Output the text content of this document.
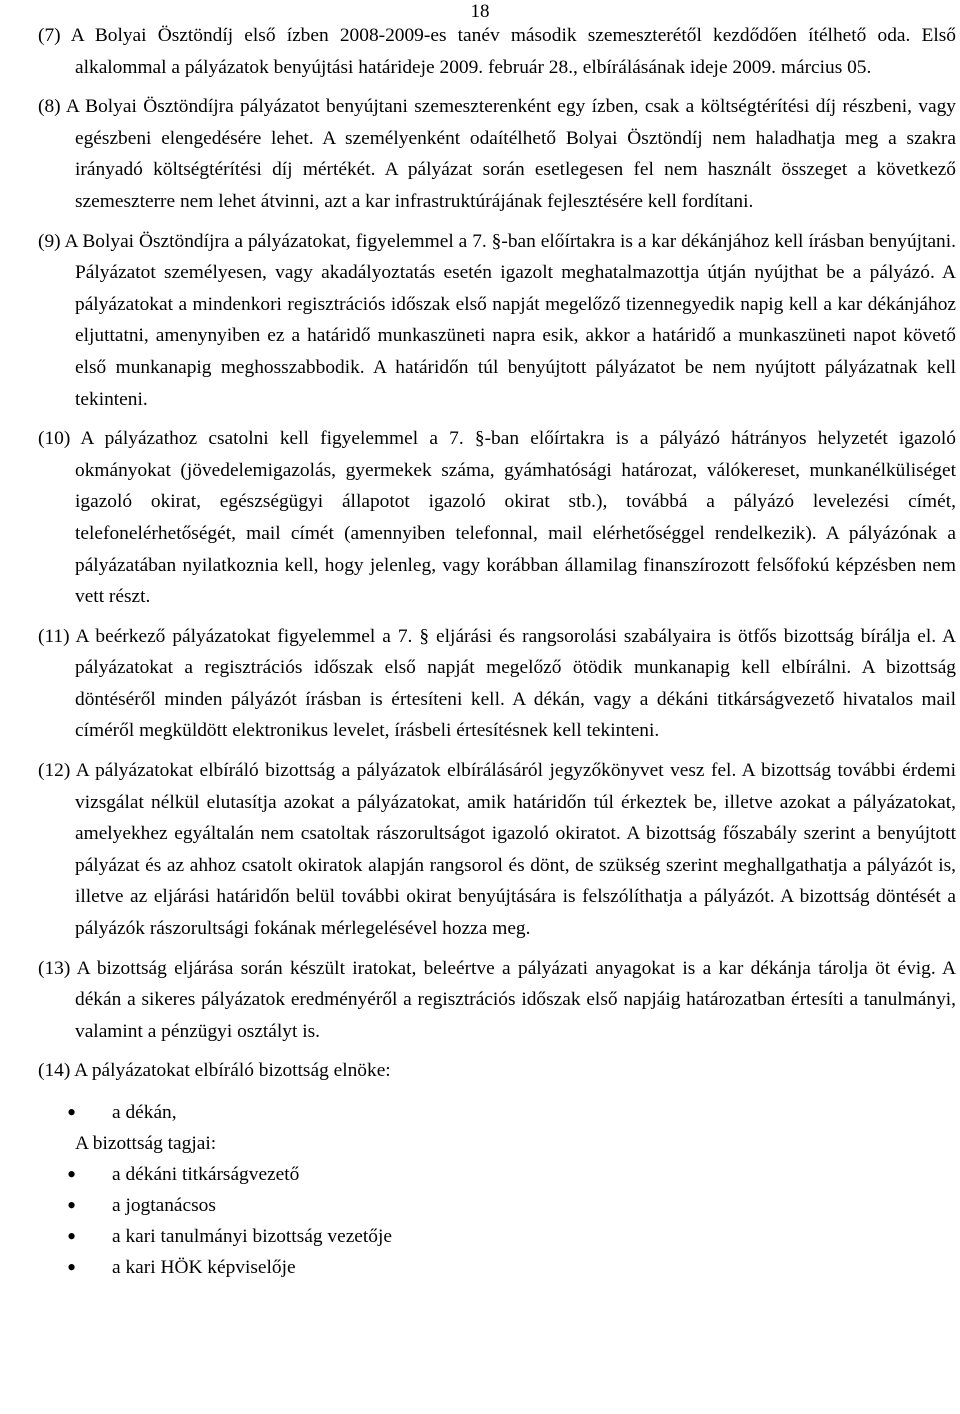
18

(7) A Bolyai Ösztöndíj első ízben 2008-2009-es tanév második szemeszterétől kezdődően ítélhető oda. Első alkalommal a pályázatok benyújtási határideje 2009. február 28., elbírálásának ideje 2009. március 05.

(8) A Bolyai Ösztöndíjra pályázatot benyújtani szemeszterenként egy ízben, csak a költségtérítési díj részbeni, vagy egészbeni elengedésére lehet. A személyenként odaítélhető Bolyai Ösztöndíj nem haladhatja meg a szakra irányadó költségtérítési díj mértékét. A pályázat során esetlegesen fel nem használt összeget a következő szemeszterre nem lehet átvinni, azt a kar infrastruktúrájának fejlesztésére kell fordítani.

(9) A Bolyai Ösztöndíjra a pályázatokat, figyelemmel a 7. §-ban előírtakra is a kar dékánjához kell írásban benyújtani. Pályázatot személyesen, vagy akadályoztatás esetén igazolt meghatalmazottja útján nyújthat be a pályázó. A pályázatokat a mindenkori regisztrációs időszak első napját megelőző tizennegyedik napig kell a kar dékánjához eljuttatni, amenynyiben ez a határidő munkaszüneti napra esik, akkor a határidő a munkaszüneti napot követő első munkanapig meghosszabbodik. A határidőn túl benyújtott pályázatot be nem nyújtott pályázatnak kell tekinteni.

(10) A pályázathoz csatolni kell figyelemmel a 7. §-ban előírtakra is a pályázó hátrányos helyzetét igazoló okmányokat (jövedelemigazolás, gyermekek száma, gyámhatósági határozat, válókereset, munkanélküliséget igazoló okirat, egészségügyi állapotot igazoló okirat stb.), továbbá a pályázó levelezési címét, telefonelérhetőségét, mail címét (amennyiben telefonnal, mail elérhetőséggel rendelkezik). A pályázónak a pályázatában nyilatkoznia kell, hogy jelenleg, vagy korábban államilag finanszírozott felsőfokú képzésben nem vett részt.

(11) A beérkező pályázatokat figyelemmel a 7. § eljárási és rangsorolási szabályaira is ötfős bizottság bírálja el. A pályázatokat a regisztrációs időszak első napját megelőző ötödik munkanapig kell elbírálni. A bizottság döntéséről minden pályázót írásban is értesíteni kell. A dékán, vagy a dékáni titkárságvezető hivatalos mail címéről megküldött elektronikus levelet, írásbeli értesítésnek kell tekinteni.

(12) A pályázatokat elbíráló bizottság a pályázatok elbírálásáról jegyzőkönyvet vesz fel. A bizottság további érdemi vizsgálat nélkül elutasítja azokat a pályázatokat, amik határidőn túl érkeztek be, illetve azokat a pályázatokat, amelyekhez egyáltalán nem csatoltak rászorultságot igazoló okiratot. A bizottság főszabály szerint a benyújtott pályázat és az ahhoz csatolt okiratok alapján rangsorol és dönt, de szükség szerint meghallgathatja a pályázót is, illetve az eljárási határidőn belül további okirat benyújtására is felszólíthatja a pályázót. A bizottság döntését a pályázók rászorultsági fokának mérlegelésével hozza meg.

(13) A bizottság eljárása során készült iratokat, beleértve a pályázati anyagokat is a kar dékánja tárolja öt évig. A dékán a sikeres pályázatok eredményéről a regisztrációs időszak első napjáig határozatban értesíti a tanulmányi, valamint a pénzügyi osztályt is.

(14) A pályázatokat elbíráló bizottság elnöke:

• a dékán,
A bizottság tagjai:
• a dékáni titkárságvezető
• a jogtanácsos
• a kari tanulmányi bizottság vezetője
• a kari HÖK képviselője
